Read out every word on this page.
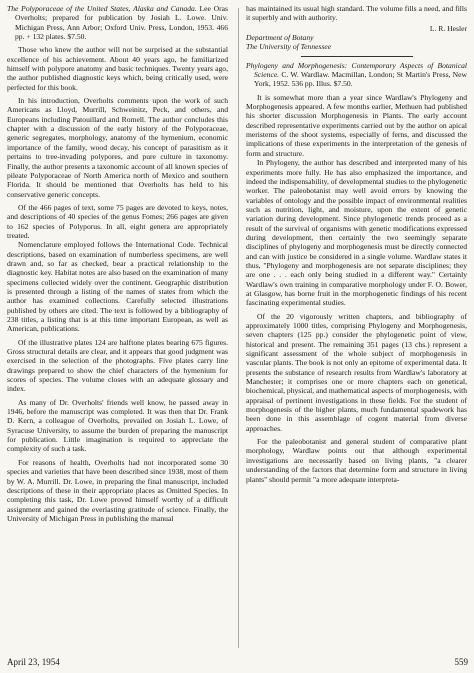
The Polyporaceae of the United States, Alaska and Canada. Lee Oras Overholts; prepared for publication by Josiah L. Lowe. Univ. Michigan Press, Ann Arbor; Oxford Univ. Press, London, 1953. 466 pp. + 132 plates. $7.50.

Those who knew the author will not be surprised at the substantial excellence of his achievement. About 40 years ago, he familiarized himself with polypore anatomy and basic techniques. Twenty years ago, the author published diagnostic keys which, being critically used, were perfected for this book.

In his introduction, Overholts comments upon the work of such Americans as Lloyd, Murrill, Schweinitz, Peck, and others, and Europeans including Patouillard and Romell. The author concludes this chapter with a discussion of the early history of the Polyporaceae, generic segregates, morphology, anatomy of the hymenium, economic importance of the family, wood decay, his concept of parasitism as it pertains to tree-invading polypores, and pure culture in taxonomy. Finally, the author presents a taxonomic account of all known species of pileate Polyporaceae of North America north of Mexico and southern Florida. It should be mentioned that Overholts has held to his conservative generic concepts.

Of the 466 pages of text, some 75 pages are devoted to keys, notes, and descriptions of 40 species of the genus Fomes; 266 pages are given to 162 species of Polyporus. In all, eight genera are appropriately treated.

Nomenclature employed follows the International Code. Technical descriptions, based on examination of numberless specimens, are well drawn and, so far as checked, bear a practical relationship to the diagnostic key. Habitat notes are also based on the examination of many specimens collected widely over the continent. Geographic distribution is presented through a listing of the names of states from which the author has examined collections. Carefully selected illustrations published by others are cited. The text is followed by a bibliography of 238 titles, a listing that is at this time important European, as well as American, publications.

Of the illustrative plates 124 are halftone plates bearing 675 figures. Gross structural details are clear, and it appears that good judgment was exercised in the selection of the photographs. Five plates carry line drawings prepared to show the chief characters of the hymenium for scores of species. The volume closes with an adequate glossary and index.

As many of Dr. Overholts' friends well know, he passed away in 1946, before the manuscript was completed. It was then that Dr. Frank D. Kern, a colleague of Overholts, prevailed on Josiah L. Lowe, of Syracuse University, to assume the burden of preparing the manuscript for publication. Little imagination is required to appreciate the complexity of such a task.

For reasons of health, Overholts had not incorporated some 30 species and varieties that have been described since 1938, most of them by W. A. Murrill. Dr. Lowe, in preparing the final manuscript, included descriptions of these in their appropriate places as Omitted Species. In completing this task, Dr. Lowe proved himself worthy of a difficult assignment and gained the everlasting gratitude of science. Finally, the University of Michigan Press in publishing the manual

has maintained its usual high standard. The volume fills a need, and fills it superbly and with authority.

L. R. Hesler

Department of Botany

The University of Tennessee

Phylogeny and Morphogenesis: Contemporary Aspects of Botanical Science. C. W. Wardlaw. Macmillan, London; St Martin's Press, New York, 1952. 536 pp. Illus. $7.50.

It is somewhat more than a year since Wardlaw's Phylogeny and Morphogenesis appeared. A few months earlier, Methuen had published his shorter discussion Morphogenesis in Plants. The early account described representative experiments carried out by the author on apical meristems of the shoot systems, especially of ferns, and discussed the implications of these experiments in the interpretation of the genesis of form and structure.

In Phylogeny, the author has described and interpreted many of his experiments more fully. He has also emphasized the importance, and indeed the indispensability, of developmental studies to the phylogenetic worker. The paleobotanist may well avoid errors by knowing the variables of ontology and the possible impact of environmental realities such as nutrition, light, and moisture, upon the extent of genetic variation during development. Since phylogenetic trends proceed as a result of the survival of organisms with genetic modifications expressed during development, then certainly the two seemingly separate disciplines of phylogeny and morphogenesis must be directly connected and can with justice be considered in a single volume. Wardlaw states it thus, "Phylogeny and morphogenesis are not separate disciplines; they are one . . . each only being studied in a different way." Certainly Wardlaw's own training in comparative morphology under F. O. Bower, at Glasgow, has borne fruit in the morphogenetic findings of his recent fascinating experimental studies.

Of the 20 vigorously written chapters, and bibliography of approximately 1000 titles, comprising Phylogeny and Morphogenesis, seven chapters (125 pp.) consider the phylogenetic point of view, historical and present. The remaining 351 pages (13 chs.) represent a significant assessment of the whole subject of morphogenesis in vascular plants. The book is not only an epitome of experimental data. It presents the substance of research results from Wardlaw's laboratory at Manchester; it comprises one or more chapters each on genetical, biochemical, physical, and mathematical aspects of morphogenesis, with appraisal of pertinent investigations in these fields. For the student of morphogenesis of the higher plants, much fundamental spadework has been done in this assemblage of cogent material from diverse approaches.

For the paleobotanist and general student of comparative plant morphology, Wardlaw points out that although experimental investigations are necessarily based on living plants, "a clearer understanding of the factors that determine form and structure in living plants" should permit "a more adequate interpreta-

April 23, 1954	559
